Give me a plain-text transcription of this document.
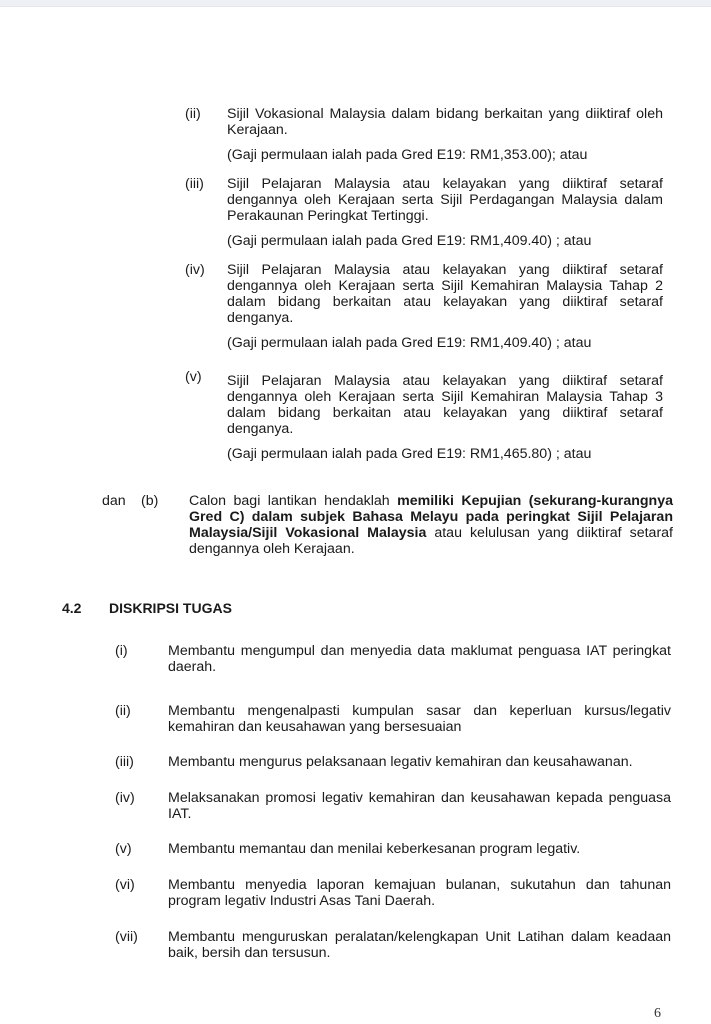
(ii) Sijil Vokasional Malaysia dalam bidang berkaitan yang diiktiraf oleh Kerajaan.
(Gaji permulaan ialah pada Gred E19: RM1,353.00); atau
(iii) Sijil Pelajaran Malaysia atau kelayakan yang diiktiraf setaraf dengannya oleh Kerajaan serta Sijil Perdagangan Malaysia dalam Perakaunan Peringkat Tertinggi.
(Gaji permulaan ialah pada Gred E19: RM1,409.40) ; atau
(iv) Sijil Pelajaran Malaysia atau kelayakan yang diiktiraf setaraf dengannya oleh Kerajaan serta Sijil Kemahiran Malaysia Tahap 2 dalam bidang berkaitan atau kelayakan yang diiktiraf setaraf denganya.
(Gaji permulaan ialah pada Gred E19: RM1,409.40) ; atau
(v) Sijil Pelajaran Malaysia atau kelayakan yang diiktiraf setaraf dengannya oleh Kerajaan serta Sijil Kemahiran Malaysia Tahap 3 dalam bidang berkaitan atau kelayakan yang diiktiraf setaraf denganya.
(Gaji permulaan ialah pada Gred E19: RM1,465.80) ; atau
dan (b) Calon bagi lantikan hendaklah memiliki Kepujian (sekurang-kurangnya Gred C) dalam subjek Bahasa Melayu pada peringkat Sijil Pelajaran Malaysia/Sijil Vokasional Malaysia atau kelulusan yang diiktiraf setaraf dengannya oleh Kerajaan.
4.2 DISKRIPSI TUGAS
(i)	Membantu mengumpul dan menyedia data maklumat penguasa IAT peringkat daerah.
(ii)	Membantu mengenalpasti kumpulan sasar dan keperluan kursus/legativ kemahiran dan keusahawan yang bersesuaian
(iii) Membantu mengurus pelaksanaan legativ kemahiran dan keusahawanan.
(iv) Melaksanakan promosi legativ kemahiran dan keusahawan kepada penguasa IAT.
(v)	Membantu memantau dan menilai keberkesanan program legativ.
(vi) Membantu menyedia laporan kemajuan bulanan, sukutahun dan tahunan program legativ Industri Asas Tani Daerah.
(vii) Membantu menguruskan peralatan/kelengkapan Unit Latihan dalam keadaan baik, bersih dan tersusun.
6
